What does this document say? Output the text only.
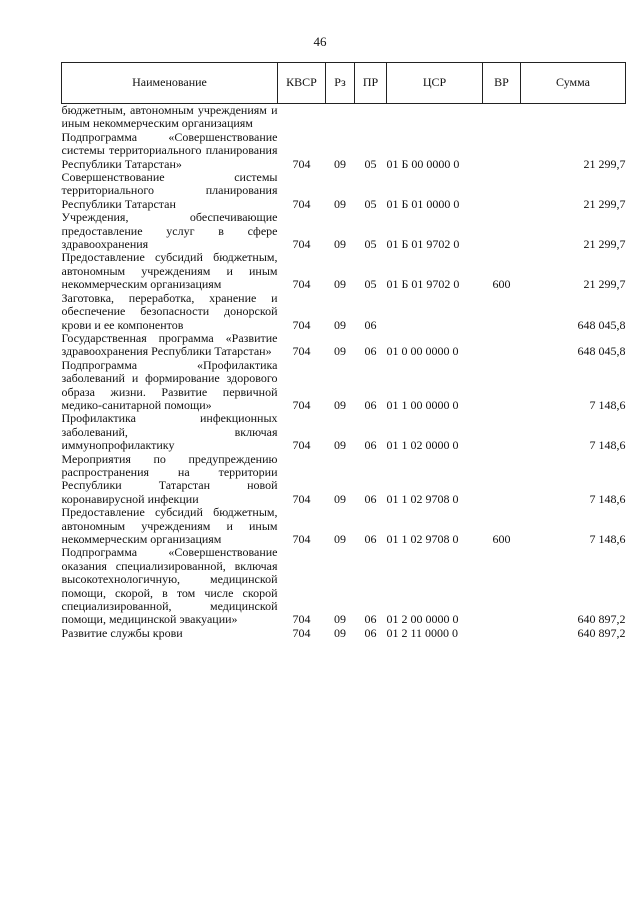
46
Наименование	КВСР	Рз	ПР	ЦСР	ВР	Сумма
бюджетным, автономным учреждениям и иным некоммерческим организациям						
Подпрограмма «Совершенствование системы территориального планирования Республики Татарстан»	704	09	05	01 Б 00 0000 0		21 299,7
Совершенствование системы территориального планирования Республики Татарстан	704	09	05	01 Б 01 0000 0		21 299,7
Учреждения, обеспечивающие предоставление услуг в сфере здравоохранения	704	09	05	01 Б 01 9702 0		21 299,7
Предоставление субсидий бюджетным, автономным учреждениям и иным некоммерческим организациям	704	09	05	01 Б 01 9702 0	600	21 299,7
Заготовка, переработка, хранение и обеспечение безопасности донорской крови и ее компонентов	704	09	06			648 045,8
Государственная программа «Развитие здравоохранения Республики Татарстан»	704	09	06	01 0 00 0000 0		648 045,8
Подпрограмма «Профилактика заболеваний и формирование здорового образа жизни. Развитие первичной медико-санитарной помощи»	704	09	06	01 1 00 0000 0		7 148,6
Профилактика инфекционных заболеваний, включая иммунопрофилактику	704	09	06	01 1 02 0000 0		7 148,6
Мероприятия по предупреждению распространения на территории Республики Татарстан новой коронавирусной инфекции	704	09	06	01 1 02 9708 0		7 148,6
Предоставление субсидий бюджетным, автономным учреждениям и иным некоммерческим организациям	704	09	06	01 1 02 9708 0	600	7 148,6
Подпрограмма «Совершенствование оказания специализированной, включая высокотехнологичную, медицинской помощи, скорой, в том числе скорой специализированной, медицинской помощи, медицинской эвакуации»	704	09	06	01 2 00 0000 0		640 897,2
Развитие службы крови	704	09	06	01 2 11 0000 0		640 897,2
